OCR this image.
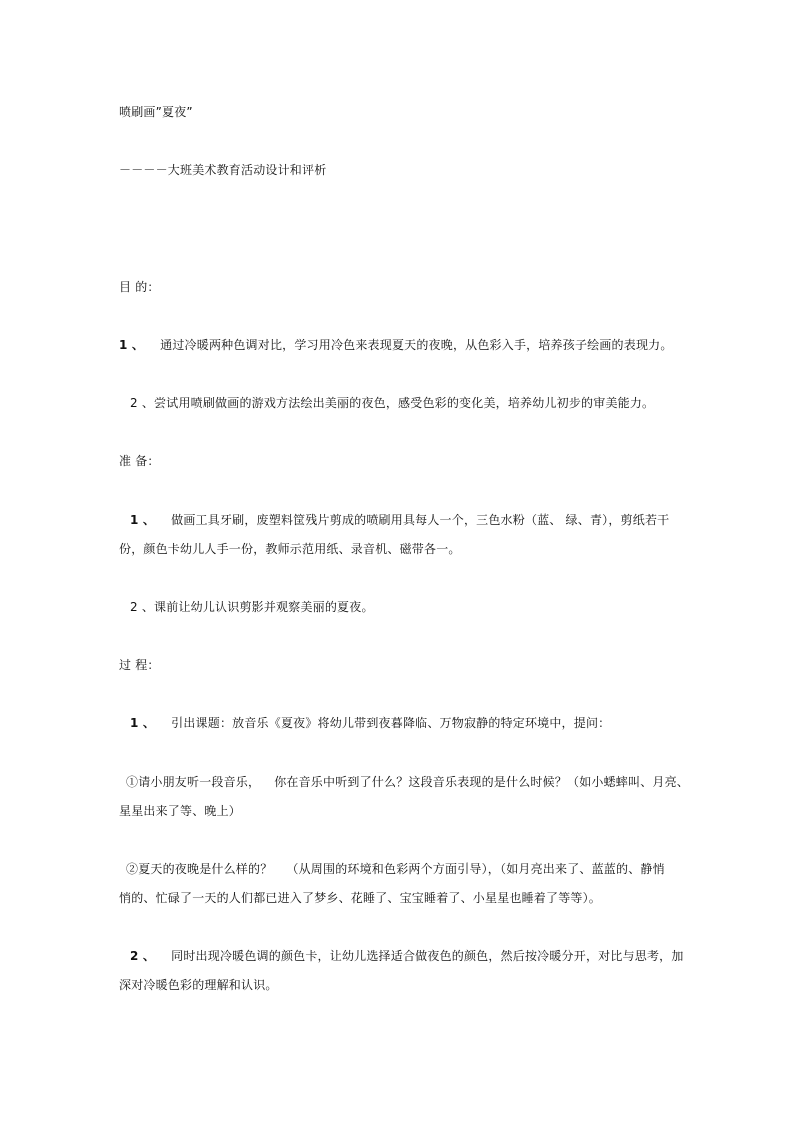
喷刷画”夏夜”
－－－－大班美术教育活动设计和评析
目 的：
1 、 通过冷暖两种色调对比，学习用冷色来表现夏天的夜晚，从色彩入手，培养孩子绘画的表现力。
2 、尝试用喷刷做画的游戏方法绘出美丽的夜色，感受色彩的变化美，培养幼儿初步的审美能力。
准 备：
1 、 做画工具牙刷，废塑料筐残片剪成的喷刷用具每人一个，三色水粉（蓝、 绿、青），剪纸若干
份，颜色卡幼儿人手一份，教师示范用纸、录音机、磁带各一。
2 、课前让幼儿认识剪影并观察美丽的夏夜。
过 程：
1 、 引出课题：放音乐《夏夜》将幼儿带到夜暮降临、万物寂静的特定环境中，提问：
①请小朋友听一段音乐， 你在音乐中听到了什么？这段音乐表现的是什么时候？（如小蟋蟀叫、月亮、
星星出来了等、晚上）
②夏天的夜晚是什么样的？ （从周围的环境和色彩两个方面引导），（如月亮出来了、蓝蓝的、静悄
悄的、忙碌了一天的人们都已进入了梦乡、花睡了、宝宝睡着了、小星星也睡着了等等）。
2 、 同时出现冷暖色调的颜色卡，让幼儿选择适合做夜色的颜色，然后按冷暖分开，对比与思考，加
深对冷暖色彩的理解和认识。
